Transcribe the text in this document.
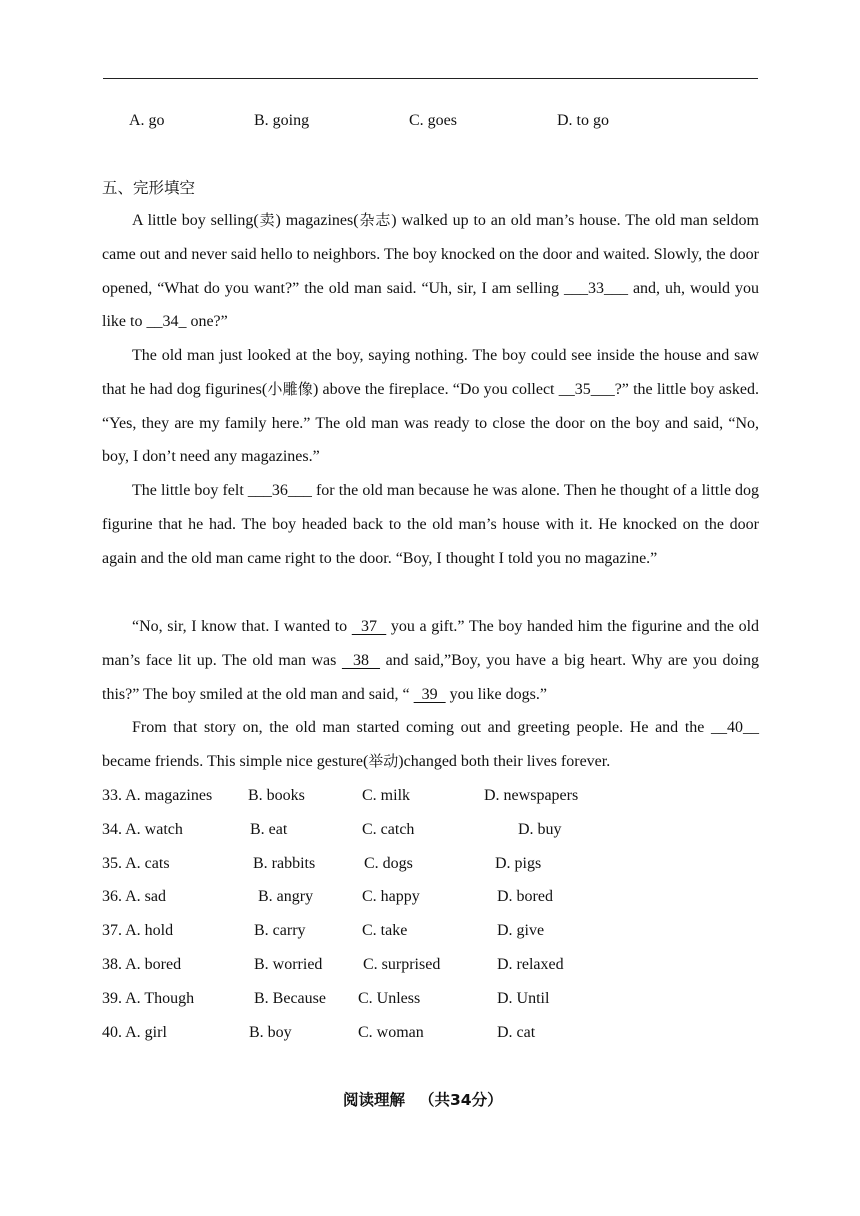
A. go	B. going	C. goes	D. to go
五、完形填空

A little boy selling(卖) magazines(杂志) walked up to an old man’s house. The old man seldom came out and never said hello to neighbors. The boy knocked on the door and waited. Slowly, the door opened, “What do you want?” the old man said. “Uh, sir, I am selling ___33___ and, uh, would you like to __34_ one?”

The old man just looked at the boy, saying nothing. The boy could see inside the house and saw that he had dog figurines(小雕像) above the fireplace. “Do you collect __35___?” the little boy asked. “Yes, they are my family here.” The old man was ready to close the door on the boy and said, “No, boy, I don’t need any magazines.”

The little boy felt ___36___ for the old man because he was alone. Then he thought of a little dog figurine that he had. The boy headed back to the old man’s house with it. He knocked on the door again and the old man came right to the door. “Boy, I thought I told you no magazine.”

“No, sir, I know that. I wanted to   37   you a gift.” The boy handed him the figurine and the old man’s face lit up. The old man was   38   and said,”Boy, you have a big heart. Why are you doing this?” The boy smiled at the old man and said, “   39   you like dogs.”

From that story on, the old man started coming out and greeting people. He and the __40__ became friends. This simple nice gesture(举动)changed both their lives forever.

33. A. magazines B. books	C. milk	D. newspapers
34. A. watch	B. eat	C. catch	D. buy
35. A. cats	B. rabbits	C. dogs	D. pigs
36. A. sad	B. angry	C. happy	D. bored
37. A. hold	B. carry	C. take	D. give
38. A. bored	B. worried	C. surprised	D. relaxed
39. A. Though	B. Because C. Unless	D. Until
40. A. girl	B. boy	C. woman	D. cat
阅读理解 （共34分）
